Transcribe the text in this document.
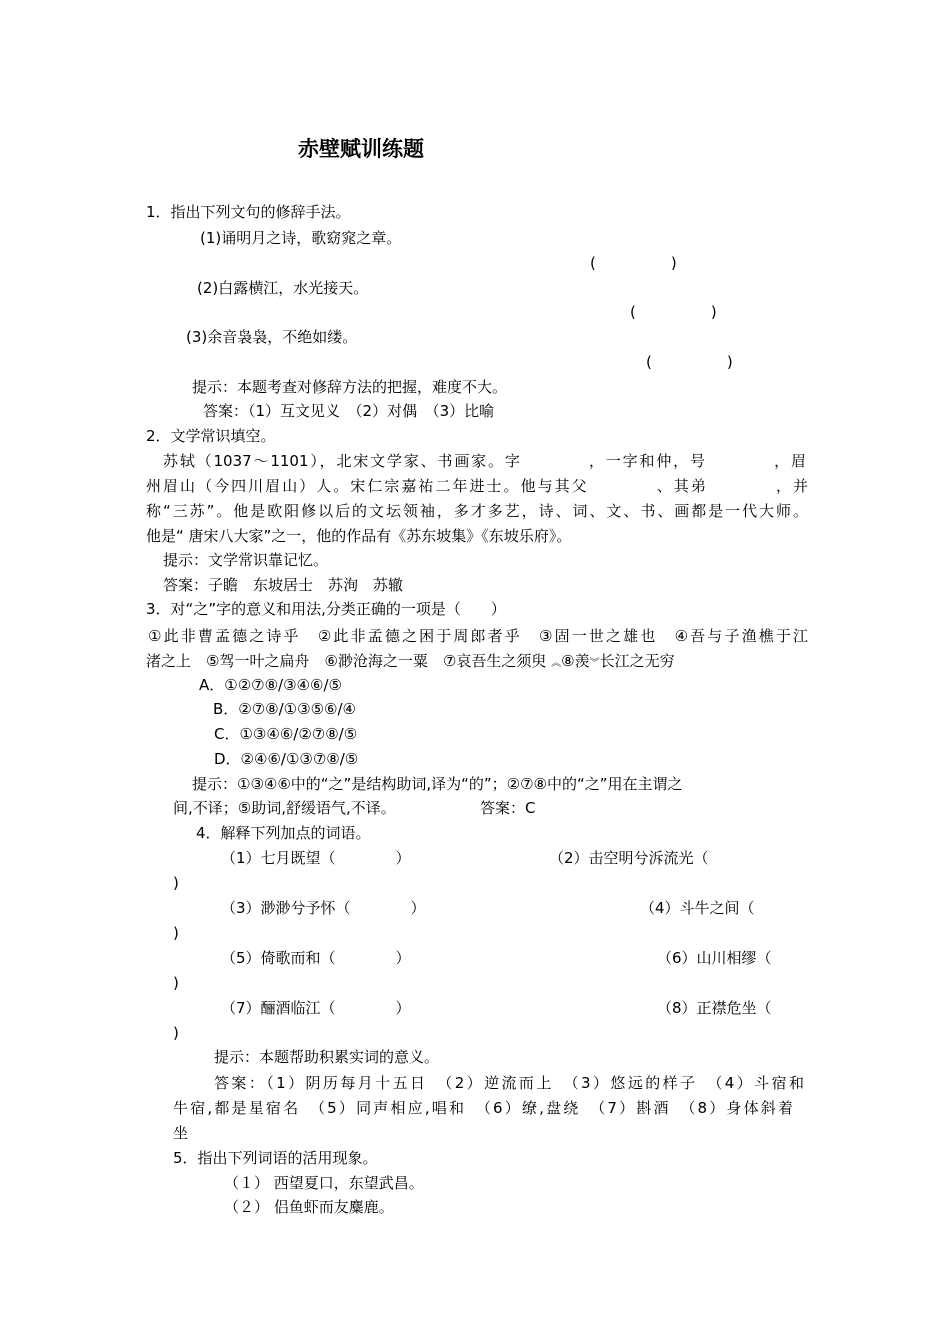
赤壁赋训练题
1．指出下列文句的修辞手法。
(1)诵明月之诗，歌窈窕之章。
(　　　　　)
(2)白露横江，水光接天。
(　　　　　)
(3)余音袅袅，不绝如缕。
(　　　　　)
提示：本题考查对修辞方法的把握，难度不大。
答案：（1）互文见义　（2）对偶　（3）比喻
2．文学常识填空。
苏轼（1037～1101），北宋文学家、书画家。字　　　　，一字和仲，号　　　　，眉
州眉山（今四川眉山）人。宋仁宗嘉祐二年进士。他与其父　　　　、其弟　　　　，并
称“三苏”。他是欧阳修以后的文坛领袖，多才多艺，诗、词、文、书、画都是一代大师。
他是“ 唐宋八大家”之一，他的作品有《苏东坡集》《东坡乐府》。
提示：文学常识靠记忆。
答案：子瞻　东坡居士　苏洵　苏辙
3．对“之”字的意义和用法,分类正确的一项是（　　）
①此非曹孟德之诗乎　②此非孟德之困于周郎者乎　③固一世之雄也　④吾与子渔樵于江
渚之上　⑤驾一叶之扁舟　⑥渺沧海之一粟　⑦哀吾生之须臾 ︽⑧羡︾长江之无穷
A．①②⑦⑧/③④⑥/⑤
B．②⑦⑧/①③⑤⑥/④
C．①③④⑥/②⑦⑧/⑤
D．②④⑥/①③⑦⑧/⑤
提示：①③④⑥中的“之”是结构助词,译为“的”；②⑦⑧中的“之”用在主谓之
间,不译；⑤助词,舒缓语气,不译。	答案：C
4．解释下列加点的词语。
（1）七月既望（　　　　）	（2）击空明兮泝流光（
)
（3）渺渺兮予怀（　　　　）	（4）斗牛之间（
)
（5）倚歌而和（　　　　）	（6）山川相缪（
)
（7）酾酒临江（　　　　）	（8）正襟危坐（
)
提示：本题帮助积累实词的意义。
答案：（1）阴历每月十五日　（2）逆流而上　（3）悠远的样子　（4）斗宿和
牛宿,都是星宿名　（5）同声相应,唱和　（6）缭,盘绕　（7）斟酒　（8）身体斜着
坐
5．指出下列词语的活用现象。
（１） 西望夏口，东望武昌。
（２） 侣鱼虾而友麋鹿。
